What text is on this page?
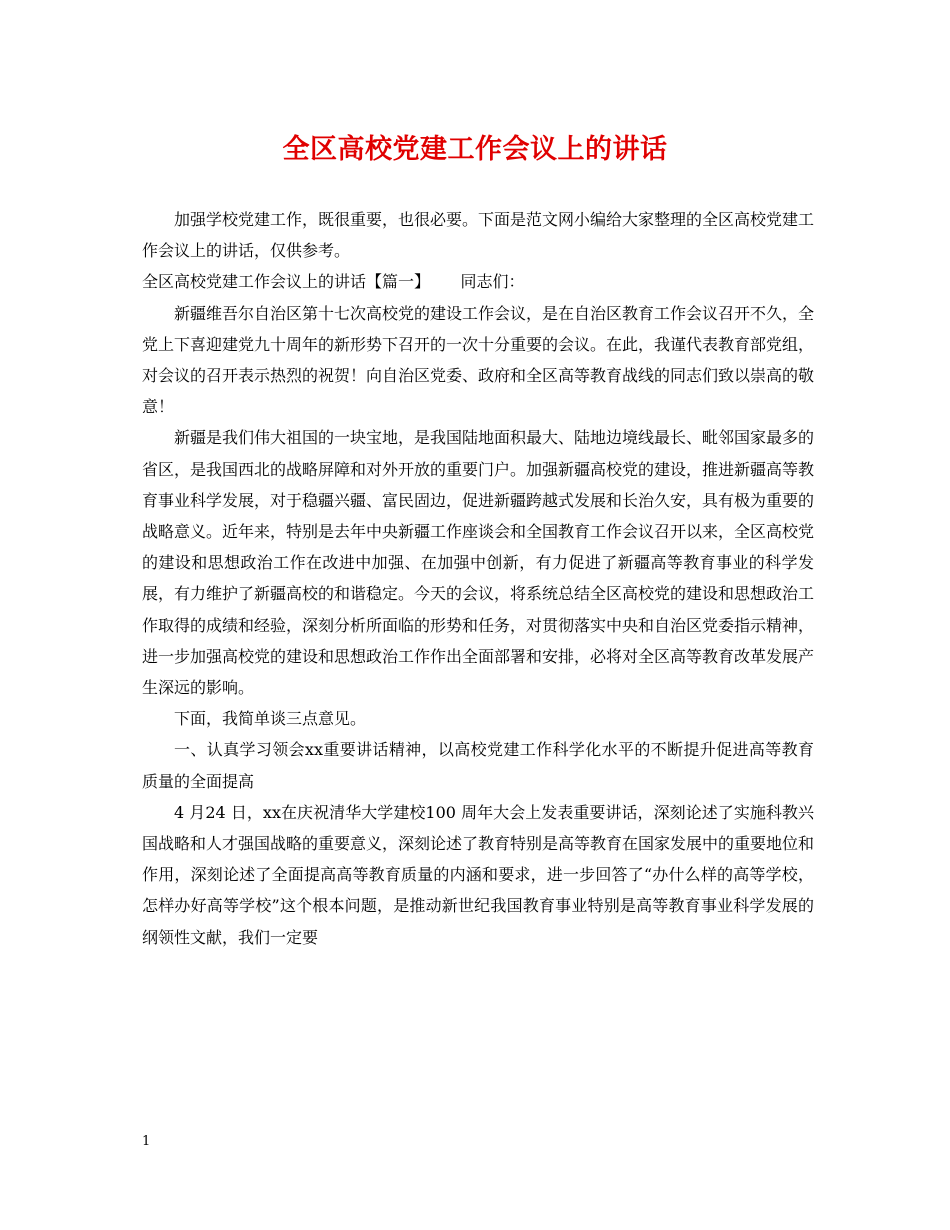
全区高校党建工作会议上的讲话

加强学校党建工作，既很重要，也很必要。下面是范文网小编给大家整理的全区高校党建工作会议上的讲话，仅供参考。

全区高校党建工作会议上的讲话【篇一】      同志们：

新疆维吾尔自治区第十七次高校党的建设工作会议，是在自治区教育工作会议召开不久，全党上下喜迎建党九十周年的新形势下召开的一次十分重要的会议。在此，我谨代表教育部党组，对会议的召开表示热烈的祝贺！向自治区党委、政府和全区高等教育战线的同志们致以崇高的敬意！

新疆是我们伟大祖国的一块宝地，是我国陆地面积最大、陆地边境线最长、毗邻国家最多的省区，是我国西北的战略屏障和对外开放的重要门户。加强新疆高校党的建设，推进新疆高等教育事业科学发展，对于稳疆兴疆、富民固边，促进新疆跨越式发展和长治久安，具有极为重要的战略意义。近年来，特别是去年中央新疆工作座谈会和全国教育工作会议召开以来，全区高校党的建设和思想政治工作在改进中加强、在加强中创新，有力促进了新疆高等教育事业的科学发展，有力维护了新疆高校的和谐稳定。今天的会议，将系统总结全区高校党的建设和思想政治工作取得的成绩和经验，深刻分析所面临的形势和任务，对贯彻落实中央和自治区党委指示精神，进一步加强高校党的建设和思想政治工作作出全面部署和安排，必将对全区高等教育改革发展产生深远的影响。

下面，我简单谈三点意见。

一、认真学习领会xx重要讲话精神，以高校党建工作科学化水平的不断提升促进高等教育质量的全面提高

4 月24 日，xx在庆祝清华大学建校100 周年大会上发表重要讲话，深刻论述了实施科教兴国战略和人才强国战略的重要意义，深刻论述了教育特别是高等教育在国家发展中的重要地位和作用，深刻论述了全面提高高等教育质量的内涵和要求，进一步回答了“办什么样的高等学校，怎样办好高等学校”这个根本问题，是推动新世纪我国教育事业特别是高等教育事业科学发展的纲领性文献，我们一定要

1
